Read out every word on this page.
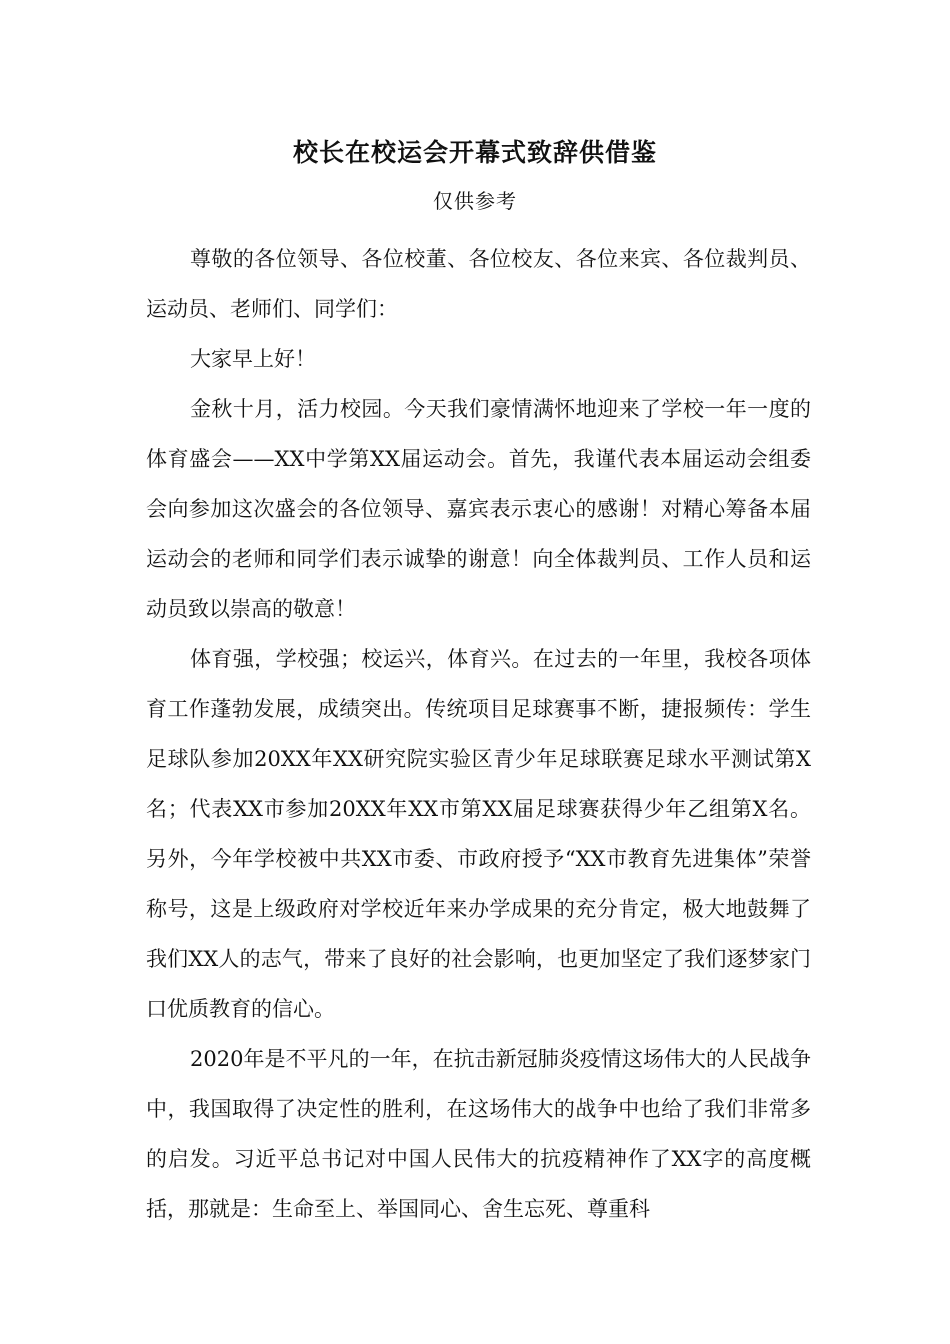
校长在校运会开幕式致辞供借鉴
仅供参考

尊敬的各位领导、各位校董、各位校友、各位来宾、各位裁判员、运动员、老师们、同学们：

大家早上好！

金秋十月，活力校园。今天我们豪情满怀地迎来了学校一年一度的体育盛会——XX中学第XX届运动会。首先，我谨代表本届运动会组委会向参加这次盛会的各位领导、嘉宾表示衷心的感谢！对精心筹备本届运动会的老师和同学们表示诚挚的谢意！向全体裁判员、工作人员和运动员致以崇高的敬意！

体育强，学校强；校运兴，体育兴。在过去的一年里，我校各项体育工作蓬勃发展，成绩突出。传统项目足球赛事不断，捷报频传：学生足球队参加20XX年XX研究院实验区青少年足球联赛足球水平测试第X名；代表XX市参加20XX年XX市第XX届足球赛获得少年乙组第X名。另外，今年学校被中共XX市委、市政府授予“XX市教育先进集体”荣誉称号，这是上级政府对学校近年来办学成果的充分肯定，极大地鼓舞了我们XX人的志气，带来了良好的社会影响，也更加坚定了我们逐梦家门口优质教育的信心。

2020年是不平凡的一年，在抗击新冠肺炎疫情这场伟大的人民战争中，我国取得了决定性的胜利，在这场伟大的战争中也给了我们非常多的启发。习近平总书记对中国人民伟大的抗疫精神作了XX字的高度概括，那就是：生命至上、举国同心、舍生忘死、尊重科
